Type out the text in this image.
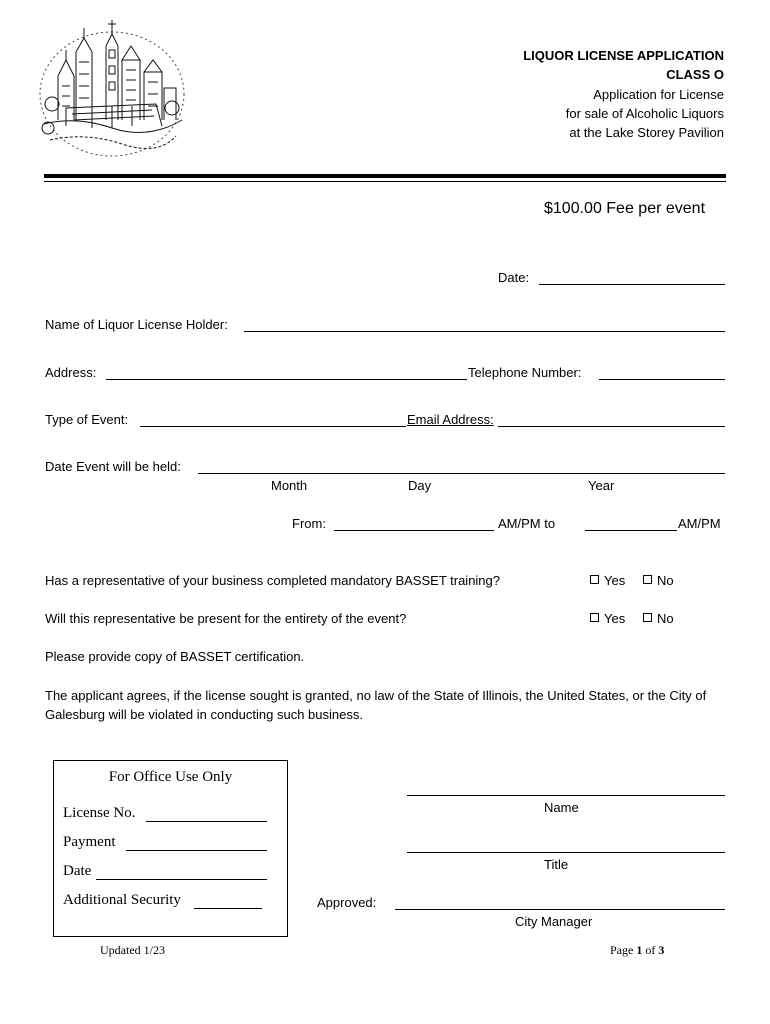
LIQUOR LICENSE APPLICATION
CLASS O
Application for License
for sale of Alcoholic Liquors
at the Lake Storey Pavilion
$100.00 Fee per event
Date:
Name of Liquor License Holder:
Address:	Telephone Number:
Type of Event:	Email Address:
Date Event will be held:
Month	Day	Year
From:	AM/PM to	AM/PM
Has a representative of your business completed mandatory BASSET training?	Yes	No
Will this representative be present for the entirety of the event?	Yes	No
Please provide copy of BASSET certification.
The applicant agrees, if the license sought is granted, no law of the State of Illinois, the United States, or the City of Galesburg will be violated in conducting such business.
For Office Use Only
License No.
Payment
Date
Additional Security
Name
Title
Approved:
City Manager
Updated 1/23	Page 1 of 3
